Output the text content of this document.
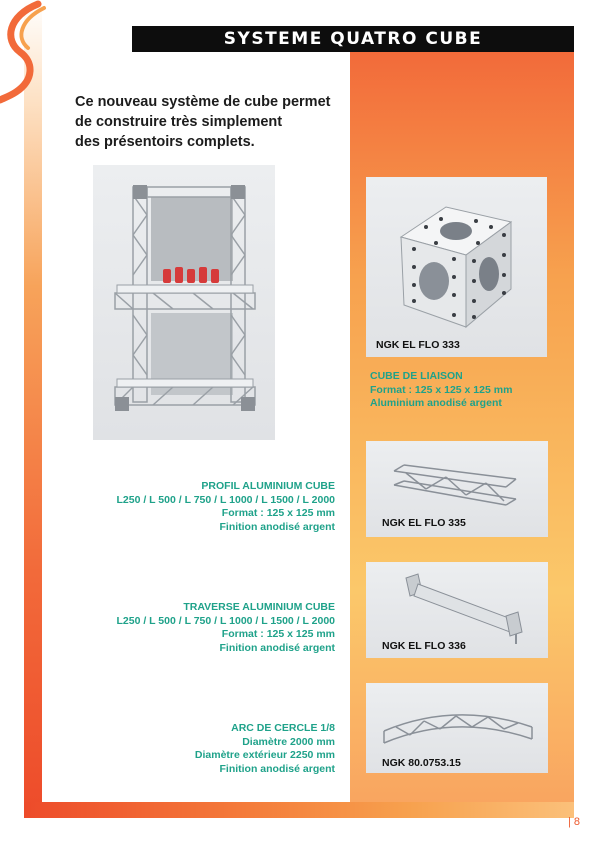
SYSTEME QUATRO CUBE
Ce nouveau système de cube permet
de construire très simplement
des présentoirs complets.
NGK EL FLO 333
CUBE DE LIAISON
Format : 125 x 125 x 125 mm
Aluminium anodisé argent
NGK EL FLO 335
PROFIL ALUMINIUM CUBE
L250 / L 500 / L 750 / L 1000 / L 1500 / L 2000
Format : 125 x 125 mm
Finition anodisé argent
NGK EL FLO 336
TRAVERSE ALUMINIUM CUBE
L250 / L 500 / L 750 / L 1000 / L 1500 / L 2000
Format : 125 x 125 mm
Finition anodisé argent
NGK 80.0753.15
ARC DE CERCLE 1/8
Diamètre 2000 mm
Diamètre extérieur 2250 mm
Finition anodisé argent
| 8
